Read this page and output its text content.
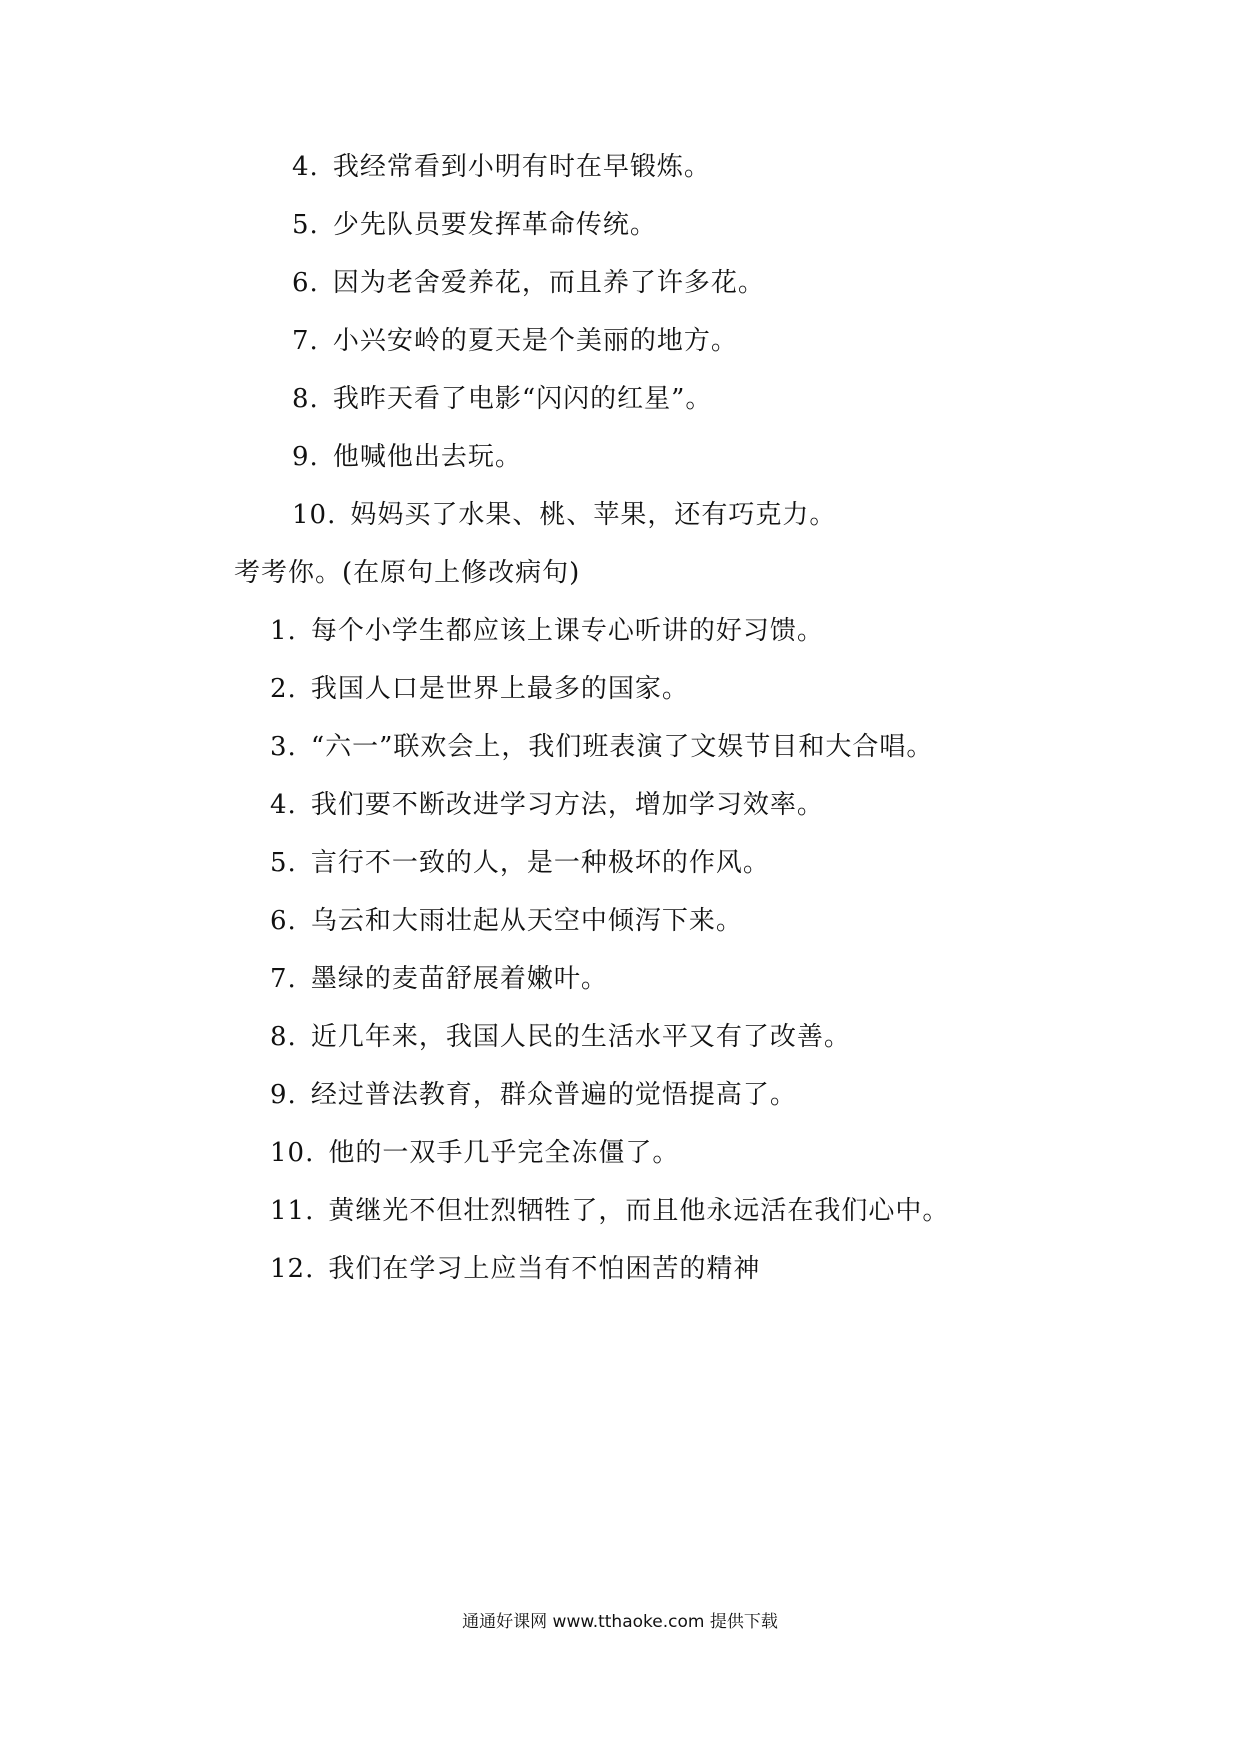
4. 我经常看到小明有时在早锻炼。
5. 少先队员要发挥革命传统。
6. 因为老舍爱养花，而且养了许多花。
7. 小兴安岭的夏天是个美丽的地方。
8. 我昨天看了电影“闪闪的红星”。
9. 他喊他出去玩。
10. 妈妈买了水果、桃、苹果，还有巧克力。
考考你。(在原句上修改病句)
1. 每个小学生都应该上课专心听讲的好习馈。
2. 我国人口是世界上最多的国家。
3. “六一”联欢会上，我们班表演了文娱节目和大合唱。
4. 我们要不断改进学习方法，增加学习效率。
5. 言行不一致的人，是一种极坏的作风。
6. 乌云和大雨壮起从天空中倾泻下来。
7. 墨绿的麦苗舒展着嫩叶。
8. 近几年来，我国人民的生活水平又有了改善。
9. 经过普法教育，群众普遍的觉悟提高了。
10. 他的一双手几乎完全冻僵了。
11. 黄继光不但壮烈牺牲了，而且他永远活在我们心中。
12. 我们在学习上应当有不怕困苦的精神
通通好课网 www.tthaoke.com 提供下载
